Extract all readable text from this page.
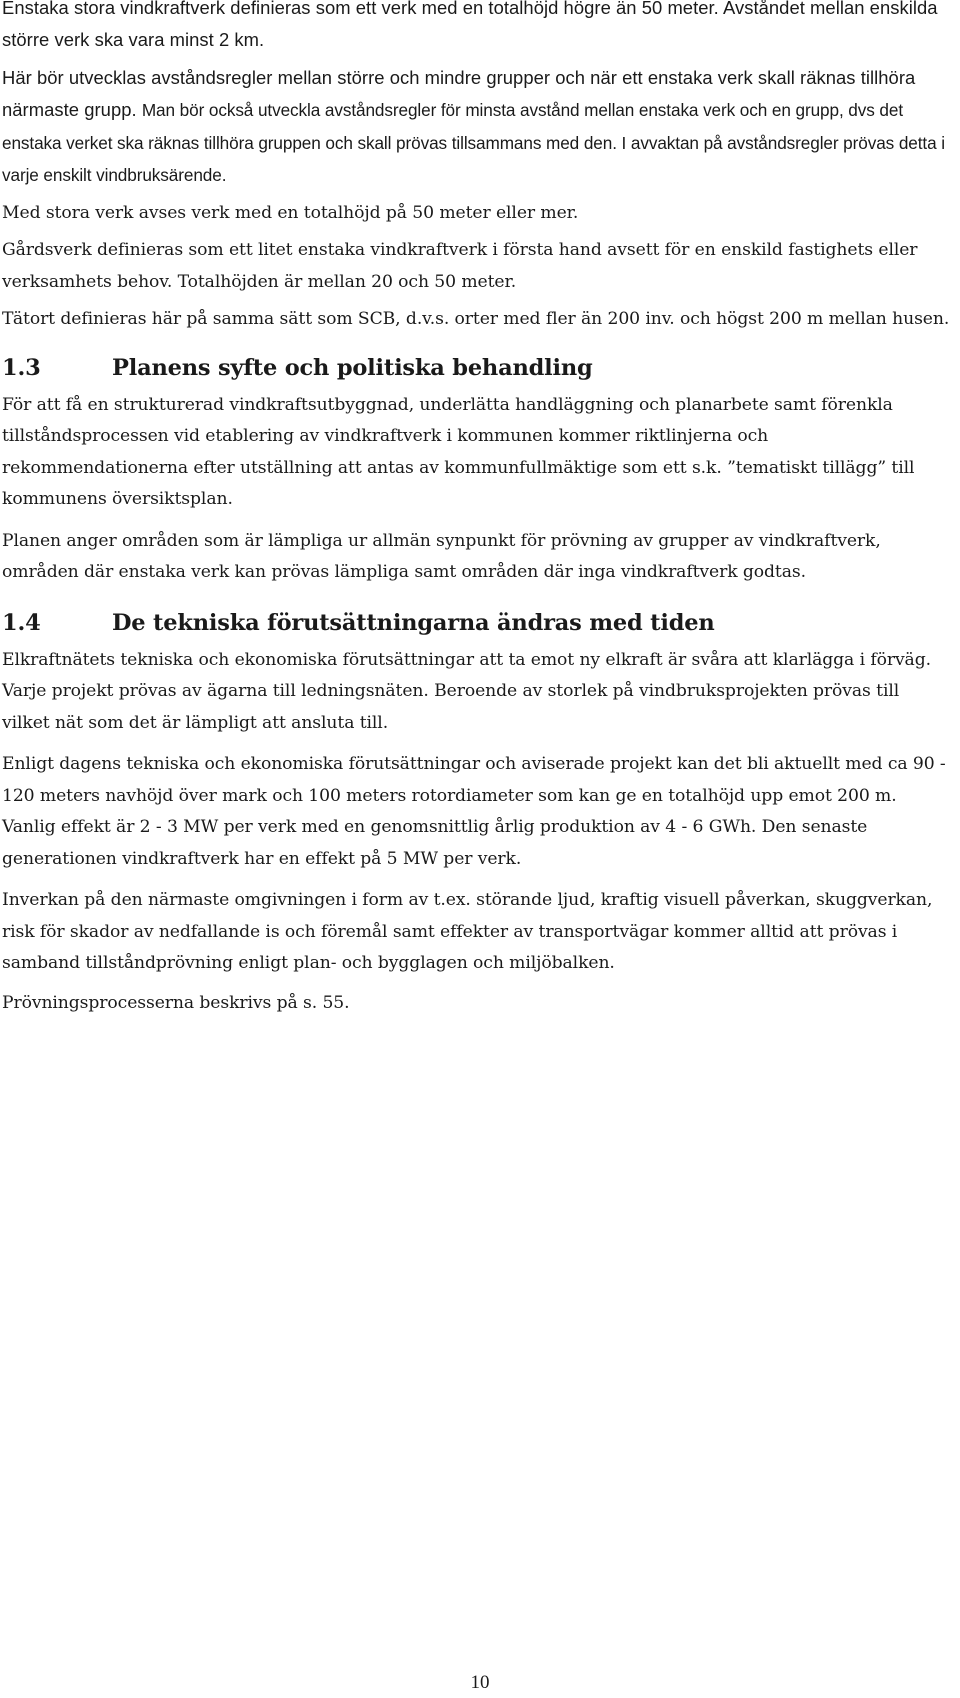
Enstaka stora vindkraftverk definieras som ett verk med en totalhöjd högre än 50 meter. Avståndet mellan enskilda större verk ska vara minst 2 km.

Här bör utvecklas avståndsregler mellan större och mindre grupper och när ett enstaka verk skall räknas tillhöra närmaste grupp. Man bör också utveckla avståndsregler för minsta avstånd mellan enstaka verk och en grupp, dvs det enstaka verket ska räknas tillhöra gruppen och skall prövas tillsammans med den. I avvaktan på avståndsregler prövas detta i varje enskilt vindbruksärende.

Med stora verk avses verk med en totalhöjd på 50 meter eller mer.

Gårdsverk definieras som ett litet enstaka vindkraftverk i första hand avsett för en enskild fastighets eller verksamhets behov. Totalhöjden är mellan 20 och 50 meter.

Tätort definieras här på samma sätt som SCB, d.v.s. orter med fler än 200 inv. och högst 200 m mellan husen.

1.3	Planens syfte och politiska behandling

För att få en strukturerad vindkraftsutbyggnad, underlätta handläggning och planarbete samt förenkla tillståndsprocessen vid etablering av vindkraftverk i kommunen kommer riktlinjerna och rekommendationerna efter utställning att antas av kommunfullmäktige som ett s.k. ”tematiskt tillägg” till kommunens översiktsplan.

Planen anger områden som är lämpliga ur allmän synpunkt för prövning av grupper av vindkraftverk, områden där enstaka verk kan prövas lämpliga samt områden där inga vindkraftverk godtas.

1.4	De tekniska förutsättningarna ändras med tiden

Elkraftnätets tekniska och ekonomiska förutsättningar att ta emot ny elkraft är svåra att klarlägga i förväg. Varje projekt prövas av ägarna till ledningsnäten. Beroende av storlek på vindbruksprojekten prövas till vilket nät som det är lämpligt att ansluta till.

Enligt dagens tekniska och ekonomiska förutsättningar och aviserade projekt kan det bli aktuellt med ca 90 - 120 meters navhöjd över mark och 100 meters rotordiameter som kan ge en totalhöjd upp emot 200 m. Vanlig effekt är 2 - 3 MW per verk med en genomsnittlig årlig produktion av 4 - 6 GWh. Den senaste generationen vindkraftverk har en effekt på 5 MW per verk.

Inverkan på den närmaste omgivningen i form av t.ex. störande ljud, kraftig visuell påverkan, skuggverkan, risk för skador av nedfallande is och föremål samt effekter av transportvägar kommer alltid att prövas i samband tillståndprövning enligt plan- och bygglagen och miljöbalken.

Prövningsprocesserna beskrivs på s. 55.

10
